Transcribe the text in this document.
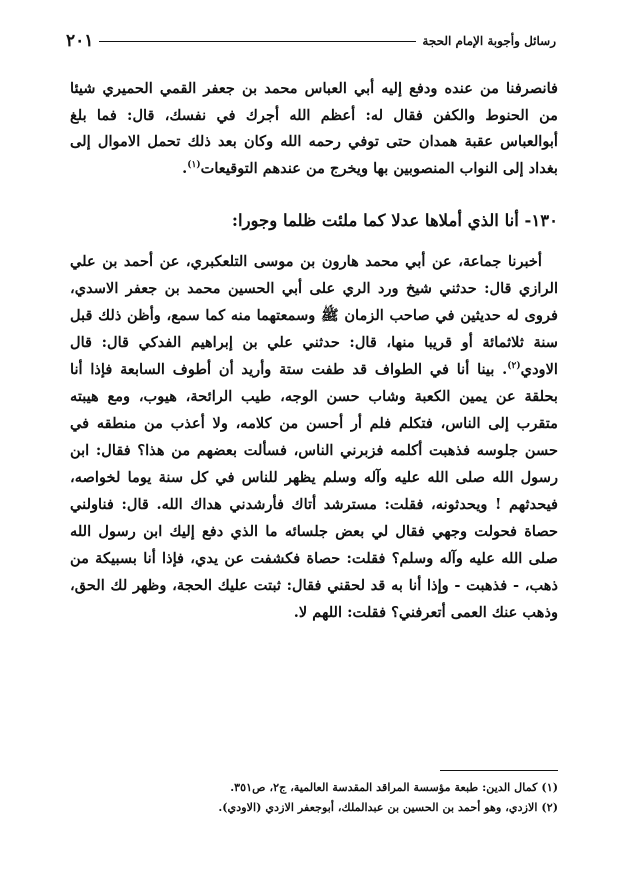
رسائل وأجوبة الإمام الحجة
٢٠١

فانصرفنا من عنده ودفع إليه أبي العباس محمد بن جعفر القمي الحميري شيئا من الحنوط والكفن فقال له: أعظم الله أجرك في نفسك، قال: فما بلغ أبوالعباس عقبة همدان حتى توفي رحمه الله وكان بعد ذلك تحمل الاموال إلى بغداد إلى النواب المنصوبين بها ويخرج من عندهم التوقيعات$^{(١)}$.

١٣٠- أنا الذي أملاها عدلا كما ملئت ظلما وجورا:

أخبرنا جماعة، عن أبي محمد هارون بن موسى التلعكبري، عن أحمد بن علي الرازي قال: حدثني شيخ ورد الري على أبي الحسين محمد بن جعفر الاسدي، فروى له حديثين في صاحب الزمان ﷺ وسمعتهما منه كما سمع، وأظن ذلك قبل سنة ثلاثمائة أو قريبا منها، قال: حدثني علي بن إبراهيم الفدكي قال: قال الاودي$^{(٢)}$. بينا أنا في الطواف قد طفت ستة وأريد أن أطوف السابعة فإذا أنا بحلقة عن يمين الكعبة وشاب حسن الوجه، طيب الرائحة، هيوب، ومع هيبته متقرب إلى الناس، فتكلم فلم أر أحسن من كلامه، ولا أعذب من منطقه في حسن جلوسه فذهبت أكلمه فزبرني الناس، فسألت بعضهم من هذا؟ فقال: ابن رسول الله صلى الله عليه وآله وسلم يظهر للناس في كل سنة يوما لخواصه، فيحدثهم ! ويحدثونه، فقلت: مسترشد أتاك فأرشدني هداك الله. قال: فناولني حصاة فحولت وجهي فقال لي بعض جلسائه ما الذي دفع إليك ابن رسول الله صلى الله عليه وآله وسلم؟ فقلت: حصاة فكشفت عن يدي، فإذا أنا بسبيكة من ذهب، - فذهبت - وإذا أنا به قد لحقني فقال: ثبتت عليك الحجة، وظهر لك الحق، وذهب عنك العمى أتعرفني؟ فقلت: اللهم لا.

(١) كمال الدين: طبعة مؤسسة المراقد المقدسة العالمية، ج٢، ص٣٥١.
(٢) الازدي، وهو أحمد بن الحسين بن عبدالملك، أبوجعفر الازدي (الاودي).
